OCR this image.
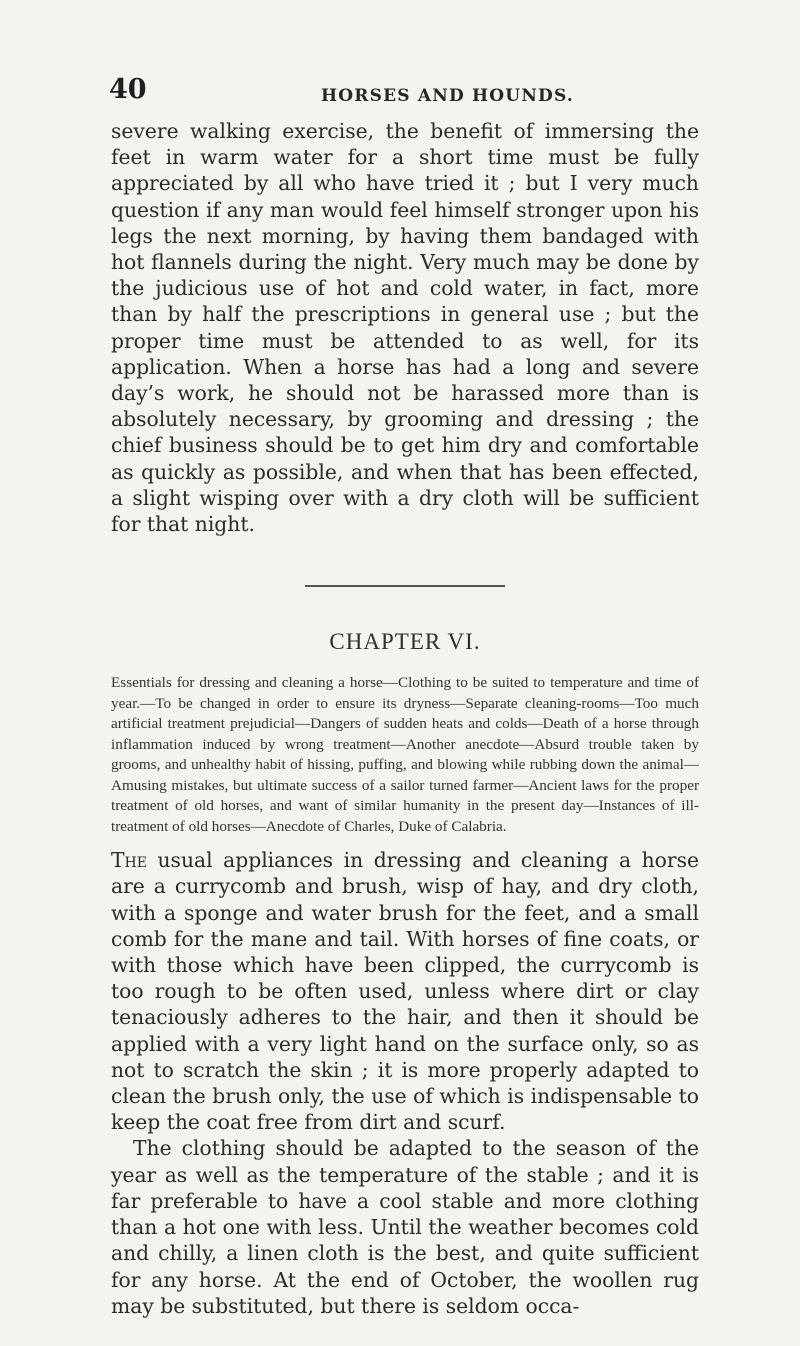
40	HORSES AND HOUNDS.

severe walking exercise, the benefit of immersing the feet in warm water for a short time must be fully appreciated by all who have tried it ; but I very much question if any man would feel himself stronger upon his legs the next morning, by having them bandaged with hot flannels during the night. Very much may be done by the judicious use of hot and cold water, in fact, more than by half the prescriptions in general use ; but the proper time must be attended to as well, for its application. When a horse has had a long and severe day’s work, he should not be harassed more than is absolutely necessary, by grooming and dressing ; the chief business should be to get him dry and comfortable as quickly as possible, and when that has been effected, a slight wisping over with a dry cloth will be sufficient for that night.

CHAPTER VI.

Essentials for dressing and cleaning a horse—Clothing to be suited to temperature and time of year.—To be changed in order to ensure its dryness—Separate cleaning-rooms—Too much artificial treatment prejudicial—Dangers of sudden heats and colds—Death of a horse through inflammation induced by wrong treatment—Another anecdote—Absurd trouble taken by grooms, and unhealthy habit of hissing, puffing, and blowing while rubbing down the animal—Amusing mistakes, but ultimate success of a sailor turned farmer—Ancient laws for the proper treatment of old horses, and want of similar humanity in the present day—Instances of ill-treatment of old horses—Anecdote of Charles, Duke of Calabria.

The usual appliances in dressing and cleaning a horse are a currycomb and brush, wisp of hay, and dry cloth, with a sponge and water brush for the feet, and a small comb for the mane and tail. With horses of fine coats, or with those which have been clipped, the currycomb is too rough to be often used, unless where dirt or clay tenaciously adheres to the hair, and then it should be applied with a very light hand on the surface only, so as not to scratch the skin ; it is more properly adapted to clean the brush only, the use of which is indispensable to keep the coat free from dirt and scurf.

The clothing should be adapted to the season of the year as well as the temperature of the stable ; and it is far preferable to have a cool stable and more clothing than a hot one with less. Until the weather becomes cold and chilly, a linen cloth is the best, and quite sufficient for any horse. At the end of October, the woollen rug may be substituted, but there is seldom occa-
